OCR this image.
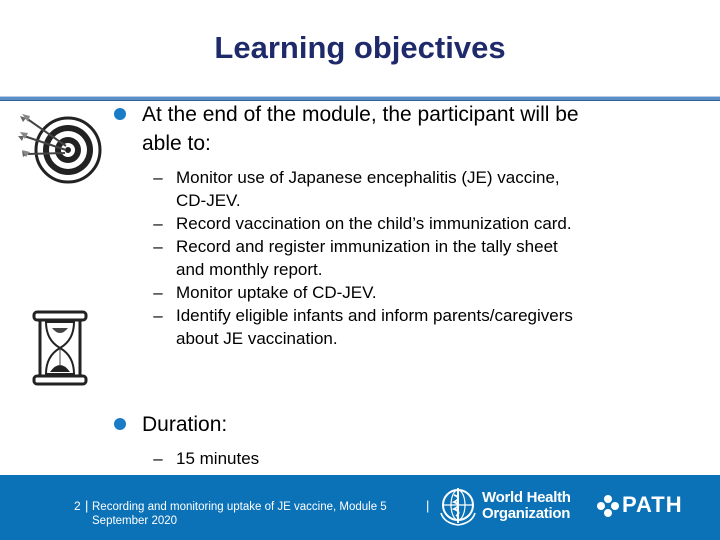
Learning objectives
At the end of the module, the participant will be
able to:
– Monitor use of Japanese encephalitis (JE) vaccine,
CD-JEV.
– Record vaccination on the child’s immunization card.
– Record and register immunization in the tally sheet
and monthly report.
– Monitor uptake of CD-JEV.
– Identify eligible infants and inform parents/caregivers
about JE vaccination.
Duration:
– 15 minutes
2 | Recording and monitoring uptake of JE vaccine, Module 5
September 2020
|	World Health
Organization PATH
